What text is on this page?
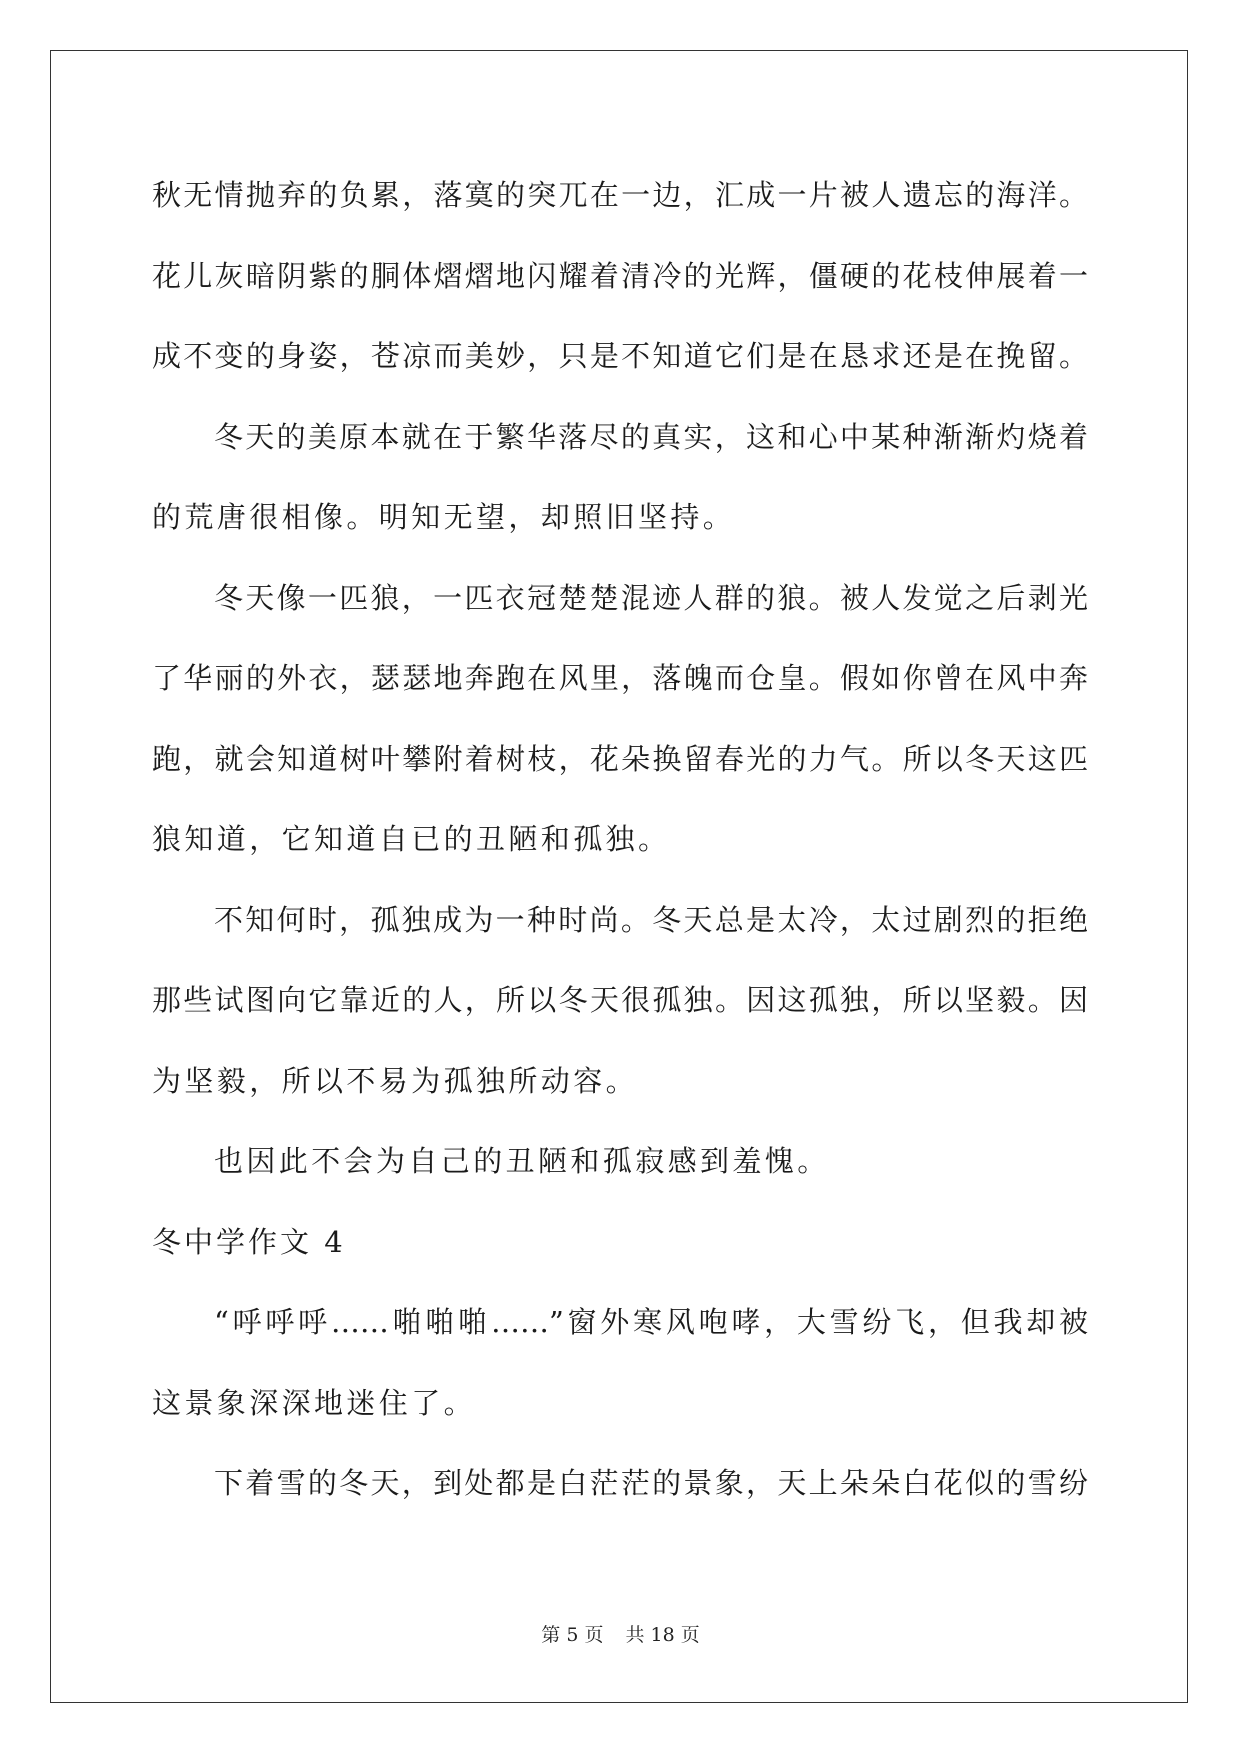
秋无情抛弃的负累，落寞的突兀在一边，汇成一片被人遗忘的海洋。
花儿灰暗阴紫的胴体熠熠地闪耀着清冷的光辉，僵硬的花枝伸展着一
成不变的身姿，苍凉而美妙，只是不知道它们是在恳求还是在挽留。
冬天的美原本就在于繁华落尽的真实，这和心中某种渐渐灼烧着
的荒唐很相像。明知无望，却照旧坚持。
冬天像一匹狼，一匹衣冠楚楚混迹人群的狼。被人发觉之后剥光
了华丽的外衣，瑟瑟地奔跑在风里，落魄而仓皇。假如你曾在风中奔
跑，就会知道树叶攀附着树枝，花朵换留春光的力气。所以冬天这匹
狼知道，它知道自已的丑陋和孤独。
不知何时，孤独成为一种时尚。冬天总是太冷，太过剧烈的拒绝
那些试图向它靠近的人，所以冬天很孤独。因这孤独，所以坚毅。因
为坚毅，所以不易为孤独所动容。
也因此不会为自己的丑陋和孤寂感到羞愧。
冬中学作文 4
“呼呼呼……啪啪啪……”窗外寒风咆哮，大雪纷飞，但我却被
这景象深深地迷住了。
下着雪的冬天，到处都是白茫茫的景象，天上朵朵白花似的雪纷
第 5 页 共 18 页
